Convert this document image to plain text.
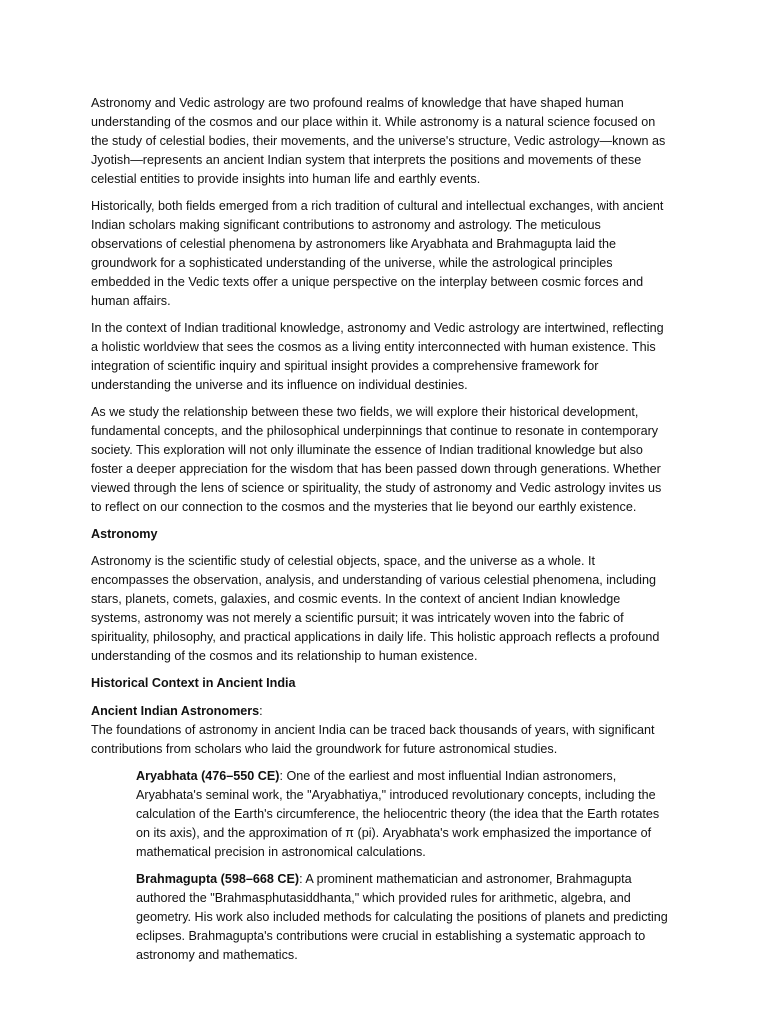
Astronomy and Vedic astrology are two profound realms of knowledge that have shaped human understanding of the cosmos and our place within it. While astronomy is a natural science focused on the study of celestial bodies, their movements, and the universe's structure, Vedic astrology—known as Jyotish—represents an ancient Indian system that interprets the positions and movements of these celestial entities to provide insights into human life and earthly events.

Historically, both fields emerged from a rich tradition of cultural and intellectual exchanges, with ancient Indian scholars making significant contributions to astronomy and astrology. The meticulous observations of celestial phenomena by astronomers like Aryabhata and Brahmagupta laid the groundwork for a sophisticated understanding of the universe, while the astrological principles embedded in the Vedic texts offer a unique perspective on the interplay between cosmic forces and human affairs.

In the context of Indian traditional knowledge, astronomy and Vedic astrology are intertwined, reflecting a holistic worldview that sees the cosmos as a living entity interconnected with human existence. This integration of scientific inquiry and spiritual insight provides a comprehensive framework for understanding the universe and its influence on individual destinies.

As we study the relationship between these two fields, we will explore their historical development, fundamental concepts, and the philosophical underpinnings that continue to resonate in contemporary society. This exploration will not only illuminate the essence of Indian traditional knowledge but also foster a deeper appreciation for the wisdom that has been passed down through generations. Whether viewed through the lens of science or spirituality, the study of astronomy and Vedic astrology invites us to reflect on our connection to the cosmos and the mysteries that lie beyond our earthly existence.

Astronomy

Astronomy is the scientific study of celestial objects, space, and the universe as a whole. It encompasses the observation, analysis, and understanding of various celestial phenomena, including stars, planets, comets, galaxies, and cosmic events. In the context of ancient Indian knowledge systems, astronomy was not merely a scientific pursuit; it was intricately woven into the fabric of spirituality, philosophy, and practical applications in daily life. This holistic approach reflects a profound understanding of the cosmos and its relationship to human existence.

Historical Context in Ancient India

Ancient Indian Astronomers:
The foundations of astronomy in ancient India can be traced back thousands of years, with significant contributions from scholars who laid the groundwork for future astronomical studies.

Aryabhata (476–550 CE): One of the earliest and most influential Indian astronomers, Aryabhata's seminal work, the "Aryabhatiya," introduced revolutionary concepts, including the calculation of the Earth's circumference, the heliocentric theory (the idea that the Earth rotates on its axis), and the approximation of π (pi). Aryabhata's work emphasized the importance of mathematical precision in astronomical calculations.

Brahmagupta (598–668 CE): A prominent mathematician and astronomer, Brahmagupta authored the "Brahmasphutasiddhanta," which provided rules for arithmetic, algebra, and geometry. His work also included methods for calculating the positions of planets and predicting eclipses. Brahmagupta's contributions were crucial in establishing a systematic approach to astronomy and mathematics.
